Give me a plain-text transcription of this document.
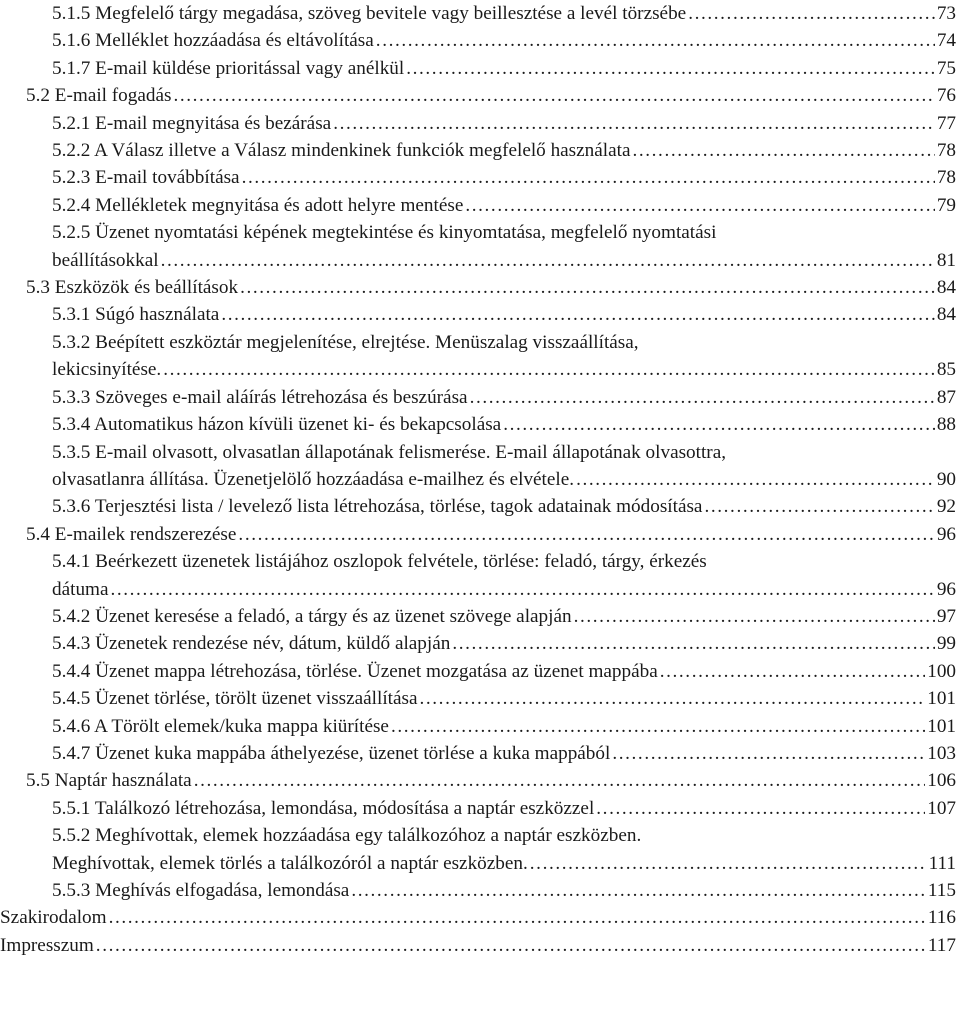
5.1.5 Megfelelő tárgy megadása, szöveg bevitele vagy beillesztése a levél törzsébe . . .	73
5.1.6 Melléklet hozzáadása és eltávolítása . . .	74
5.1.7 E-mail küldése prioritással vagy anélkül . . .	75
5.2 E-mail fogadás . . .	76
5.2.1 E-mail megnyitása és bezárása . . .	77
5.2.2 A Válasz illetve a Válasz mindenkinek funkciók megfelelő használata . . .	78
5.2.3 E-mail továbbítása . . .	78
5.2.4 Mellékletek megnyitása és adott helyre mentése . . .	79
5.2.5 Üzenet nyomtatási képének megtekintése és kinyomtatása, megfelelő nyomtatási
beállításokkal . . .	81
5.3 Eszközök és beállítások . . .	84
5.3.1 Súgó használata . . .	84
5.3.2 Beépített eszköztár megjelenítése, elrejtése. Menüszalag visszaállítása,
lekicsinyítése. . . .	85
5.3.3 Szöveges e-mail aláírás létrehozása és beszúrása . . .	87
5.3.4 Automatikus házon kívüli üzenet ki- és bekapcsolása . . .	88
5.3.5 E-mail olvasott, olvasatlan állapotának felismerése. E-mail állapotának olvasottra,
olvasatlanra állítása. Üzenetjelölő hozzáadása e-mailhez és elvétele. . . .	90
5.3.6 Terjesztési lista / levelező lista létrehozása, törlése, tagok adatainak módosítása . . .	92
5.4 E-mailek rendszerezése . . .	96
5.4.1 Beérkezett üzenetek listájához oszlopok felvétele, törlése: feladó, tárgy, érkezés
dátuma . . .	96
5.4.2 Üzenet keresése a feladó, a tárgy és az üzenet szövege alapján . . .	97
5.4.3 Üzenetek rendezése név, dátum, küldő alapján . . .	99
5.4.4 Üzenet mappa létrehozása, törlése. Üzenet mozgatása az üzenet mappába . . .	100
5.4.5 Üzenet törlése, törölt üzenet visszaállítása . . .	101
5.4.6 A Törölt elemek/kuka mappa kiürítése . . .	101
5.4.7 Üzenet kuka mappába áthelyezése, üzenet törlése a kuka mappából . . .	103
5.5 Naptár használata . . .	106
5.5.1 Találkozó létrehozása, lemondása, módosítása a naptár eszközzel . . .	107
5.5.2 Meghívottak, elemek hozzáadása egy találkozóhoz a naptár eszközben.
Meghívottak, elemek törlés a találkozóról a naptár eszközben. . . .	111
5.5.3 Meghívás elfogadása, lemondása . . .	115
Szakirodalom . . .	116
Impresszum . . .	117
